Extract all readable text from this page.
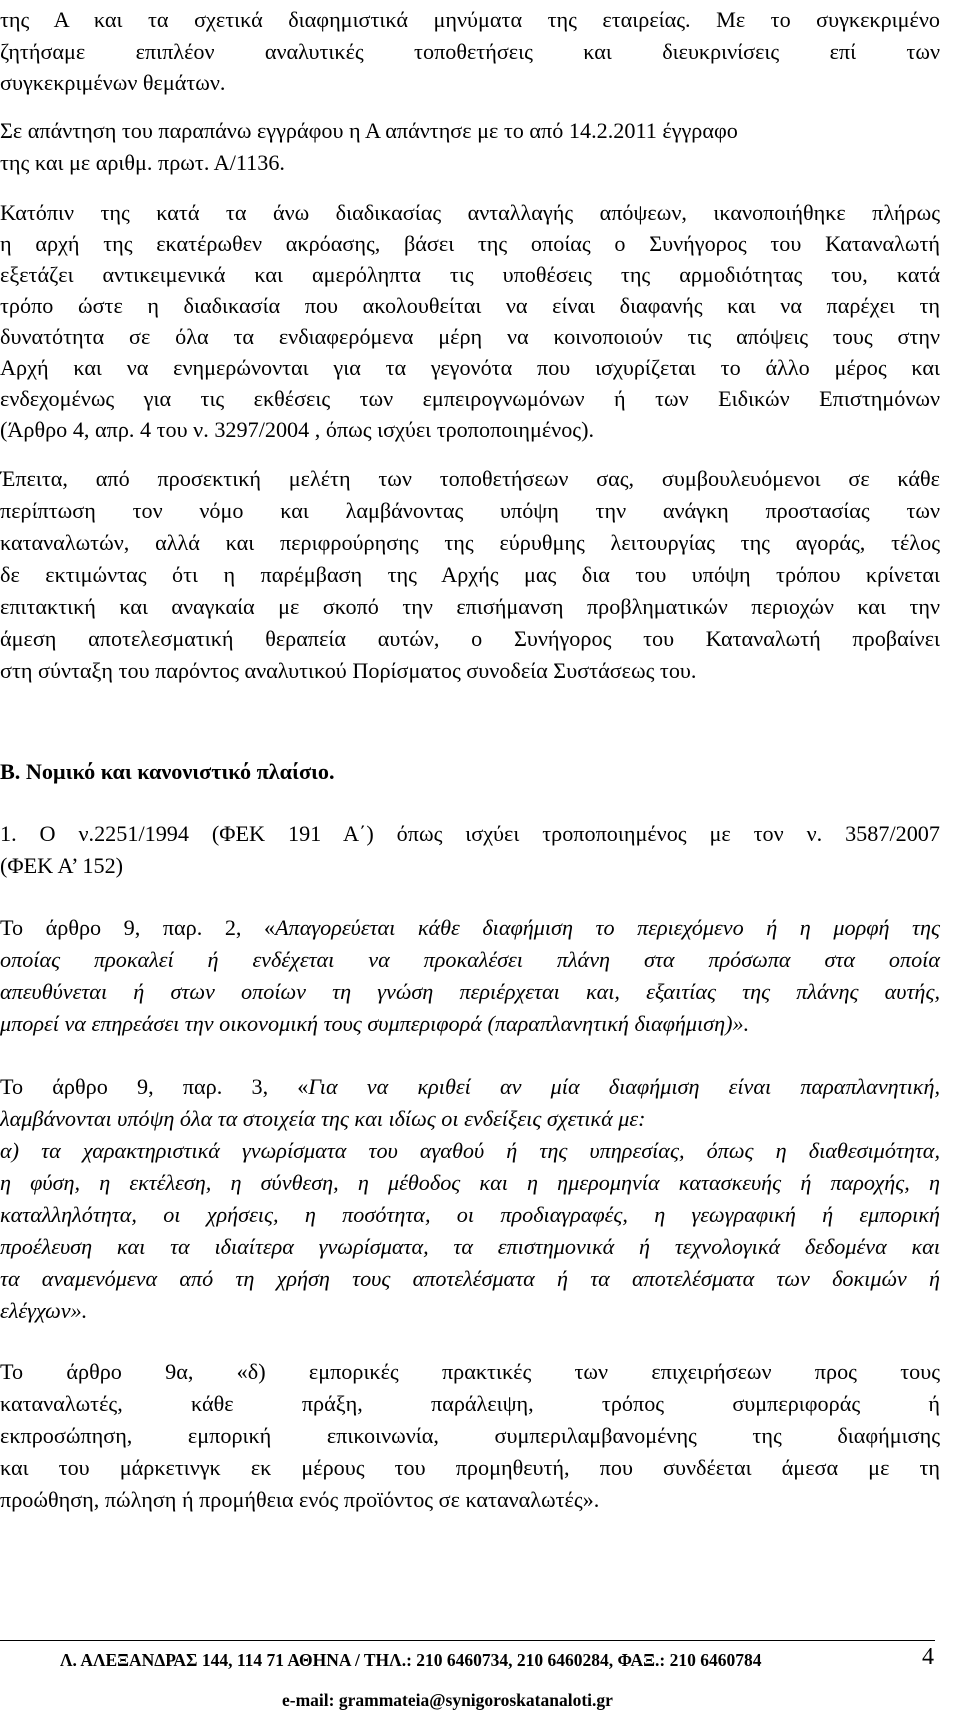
της Α και τα σχετικά διαφημιστικά μηνύματα της εταιρείας. Με το συγκεκριμένο
ζητήσαμε επιπλέον αναλυτικές τοποθετήσεις και διευκρινίσεις επί των
συγκεκριμένων θεμάτων.
Σε απάντηση του παραπάνω εγγράφου η Α απάντησε με το από 14.2.2011 έγγραφο
της και με αριθμ. πρωτ. Α/1136.
Κατόπιν της κατά τα άνω διαδικασίας ανταλλαγής απόψεων, ικανοποιήθηκε πλήρως
η αρχή της εκατέρωθεν ακρόασης, βάσει της οποίας ο Συνήγορος του Καταναλωτή
εξετάζει αντικειμενικά και αμερόληπτα τις υποθέσεις της αρμοδιότητας του, κατά
τρόπο ώστε η διαδικασία που ακολουθείται να είναι διαφανής και να παρέχει τη
δυνατότητα σε όλα τα ενδιαφερόμενα μέρη να κοινοποιούν τις απόψεις τους στην
Αρχή και να ενημερώνονται για τα γεγονότα που ισχυρίζεται το άλλο μέρος και
ενδεχομένως για τις εκθέσεις των εμπειρογνωμόνων ή των Ειδικών Επιστημόνων
(Άρθρο 4, απρ. 4 του ν. 3297/2004 , όπως ισχύει τροποποιημένος).
Έπειτα, από προσεκτική μελέτη των τοποθετήσεων σας, συμβουλευόμενοι σε κάθε
περίπτωση τον νόμο και λαμβάνοντας υπόψη την ανάγκη προστασίας των
καταναλωτών, αλλά και περιφρούρησης της εύρυθμης λειτουργίας της αγοράς, τέλος
δε εκτιμώντας ότι η παρέμβαση της Αρχής μας δια του υπόψη τρόπου κρίνεται
επιτακτική και αναγκαία με σκοπό την επισήμανση προβληματικών περιοχών και την
άμεση αποτελεσματική θεραπεία αυτών, ο Συνήγορος του Καταναλωτή προβαίνει
στη σύνταξη του παρόντος αναλυτικού Πορίσματος συνοδεία Συστάσεως του.
Β. Νομικό και κανονιστικό πλαίσιο.
1. Ο ν.2251/1994 (ΦΕΚ 191 Α΄) όπως ισχύει τροποποιημένος με τον ν. 3587/2007
(ΦΕΚ Α’ 152)
Το άρθρο 9, παρ. 2, «Απαγορεύεται κάθε διαφήμιση το περιεχόμενο ή η μορφή της
οποίας προκαλεί ή ενδέχεται να προκαλέσει πλάνη στα πρόσωπα στα οποία
απευθύνεται ή στων οποίων τη γνώση περιέρχεται και, εξαιτίας της πλάνης αυτής,
μπορεί να επηρεάσει την οικονομική τους συμπεριφορά (παραπλανητική διαφήμιση)».
Το άρθρο 9, παρ. 3, «Για να κριθεί αν μία διαφήμιση είναι παραπλανητική,
λαμβάνονται υπόψη όλα τα στοιχεία της και ιδίως οι ενδείξεις σχετικά με:
α) τα χαρακτηριστικά γνωρίσματα του αγαθού ή της υπηρεσίας, όπως η διαθεσιμότητα,
η φύση, η εκτέλεση, η σύνθεση, η μέθοδος και η ημερομηνία κατασκευής ή παροχής, η
καταλληλότητα, οι χρήσεις, η ποσότητα, οι προδιαγραφές, η γεωγραφική ή εμπορική
προέλευση και τα ιδιαίτερα γνωρίσματα, τα επιστημονικά ή τεχνολογικά δεδομένα και
τα αναμενόμενα από τη χρήση τους αποτελέσματα ή τα αποτελέσματα των δοκιμών ή
ελέγχων».
Το άρθρο 9α, «δ) εμπορικές πρακτικές των επιχειρήσεων προς τους
καταναλωτές, κάθε πράξη, παράλειψη, τρόπος συμπεριφοράς ή
εκπροσώπηση, εμπορική επικοινωνία, συμπεριλαμβανομένης της διαφήμισης
και του μάρκετινγκ εκ μέρους του προμηθευτή, που συνδέεται άμεσα με τη
προώθηση, πώληση ή προμήθεια ενός προϊόντος σε καταναλωτές».
Λ. ΑΛΕΞΑΝΔΡΑΣ 144, 114 71 ΑΘΗΝΑ / ΤΗΛ.: 210 6460734, 210 6460284, ΦΑΞ.: 210 6460784
e-mail: grammateia@synigoroskatanaloti.gr
4
